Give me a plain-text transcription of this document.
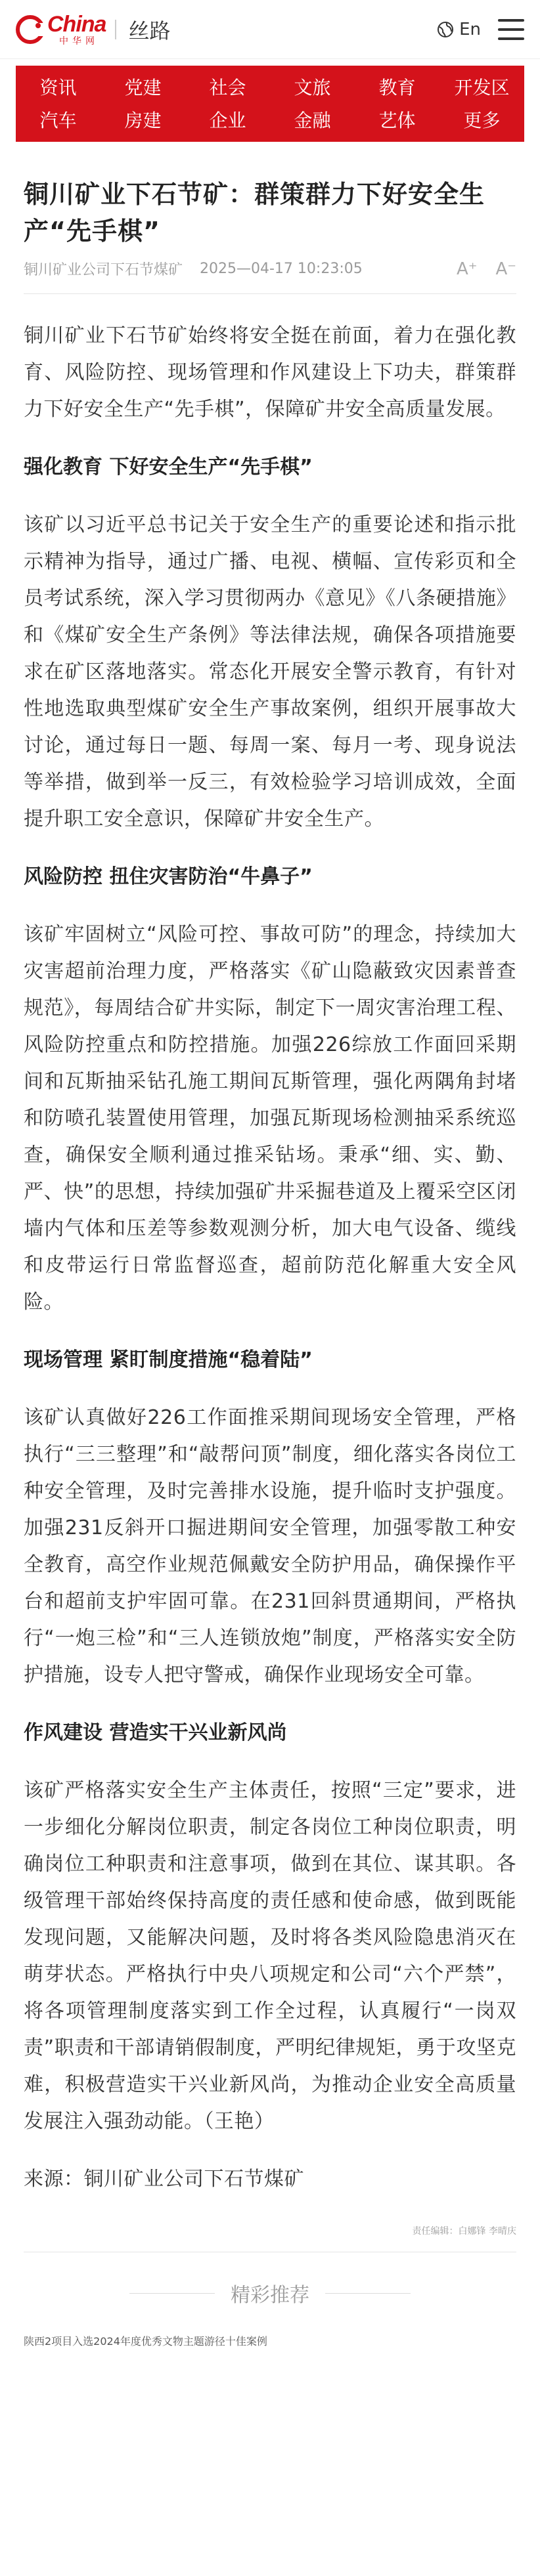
China
中华网	丝路	En
资讯	党建	社会	文旅	教育	开发区
汽车	房建	企业	金融	艺体	更多
铜川矿业下石节矿：群策群力下好安全生产“先手棋”
铜川矿业公司下石节煤矿 2025—04-17 10:23:05	A⁺ A⁻

铜川矿业下石节矿始终将安全挺在前面，着力在强化教育、风险防控、现场管理和作风建设上下功夫，群策群力下好安全生产“先手棋”，保障矿井安全高质量发展。

强化教育 下好安全生产“先手棋”

该矿以习近平总书记关于安全生产的重要论述和指示批示精神为指导，通过广播、电视、横幅、宣传彩页和全员考试系统，深入学习贯彻两办《意见》《八条硬措施》和《煤矿安全生产条例》等法律法规，确保各项措施要求在矿区落地落实。常态化开展安全警示教育，有针对性地选取典型煤矿安全生产事故案例，组织开展事故大讨论，通过每日一题、每周一案、每月一考、现身说法等举措，做到举一反三，有效检验学习培训成效，全面提升职工安全意识，保障矿井安全生产。

风险防控 扭住灾害防治“牛鼻子”

该矿牢固树立“风险可控、事故可防”的理念，持续加大灾害超前治理力度，严格落实《矿山隐蔽致灾因素普查规范》，每周结合矿井实际，制定下一周灾害治理工程、风险防控重点和防控措施。加强226综放工作面回采期间和瓦斯抽采钻孔施工期间瓦斯管理，强化两隅角封堵和防喷孔装置使用管理，加强瓦斯现场检测抽采系统巡查，确保安全顺利通过推采钻场。秉承“细、实、勤、严、快”的思想，持续加强矿井采掘巷道及上覆采空区闭墙内气体和压差等参数观测分析，加大电气设备、缆线和皮带运行日常监督巡查，超前防范化解重大安全风险。

现场管理 紧盯制度措施“稳着陆”

该矿认真做好226工作面推采期间现场安全管理，严格执行“三三整理”和“敲帮问顶”制度，细化落实各岗位工种安全管理，及时完善排水设施，提升临时支护强度。加强231反斜开口掘进期间安全管理，加强零散工种安全教育，高空作业规范佩戴安全防护用品，确保操作平台和超前支护牢固可靠。在231回斜贯通期间，严格执行“一炮三检”和“三人连锁放炮”制度，严格落实安全防护措施，设专人把守警戒，确保作业现场安全可靠。

作风建设 营造实干兴业新风尚

该矿严格落实安全生产主体责任，按照“三定”要求，进一步细化分解岗位职责，制定各岗位工种岗位职责，明确岗位工种职责和注意事项，做到在其位、谋其职。各级管理干部始终保持高度的责任感和使命感，做到既能发现问题，又能解决问题，及时将各类风险隐患消灭在萌芽状态。严格执行中央八项规定和公司“六个严禁”，将各项管理制度落实到工作全过程，认真履行“一岗双责”职责和干部请销假制度，严明纪律规矩，勇于攻坚克难，积极营造实干兴业新风尚，为推动企业安全高质量发展注入强劲动能。（王艳）

来源：铜川矿业公司下石节煤矿

责任编辑：白娜锋 李晴庆
精彩推荐
陕西2项目入选2024年度优秀文物主题游径十佳案例
